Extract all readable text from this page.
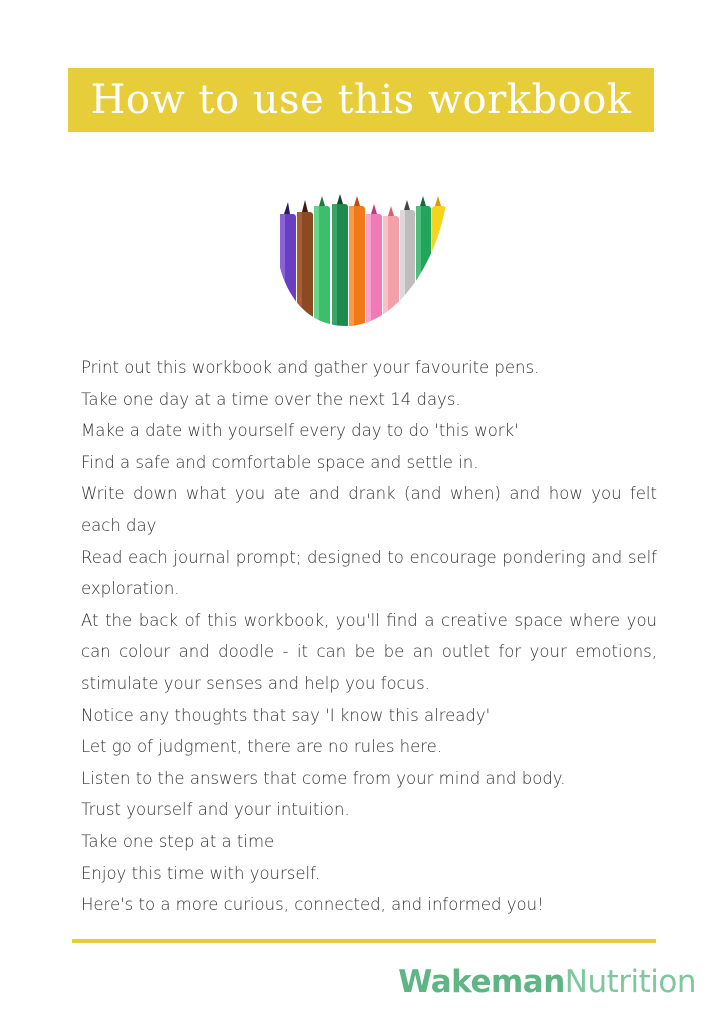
How to use this workbook
Print out this workbook and gather your favourite pens.
Take one day at a time over the next 14 days.
Make a date with yourself every day to do 'this work'
Find a safe and comfortable space and settle in.
Write down what you ate and drank (and when) and how you felt each day
Read each journal prompt; designed to encourage pondering and self exploration.
At the back of this workbook, you'll find a creative space where you can colour and doodle - it can be be an outlet for your emotions, stimulate your senses and help you focus.
Notice any thoughts that say 'I know this already'
Let go of judgment, there are no rules here.
Listen to the answers that come from your mind and body.
Trust yourself and your intuition.
Take one step at a time
Enjoy this time with yourself.
Here's to a more curious, connected, and informed you!
Wakeman Nutrition
